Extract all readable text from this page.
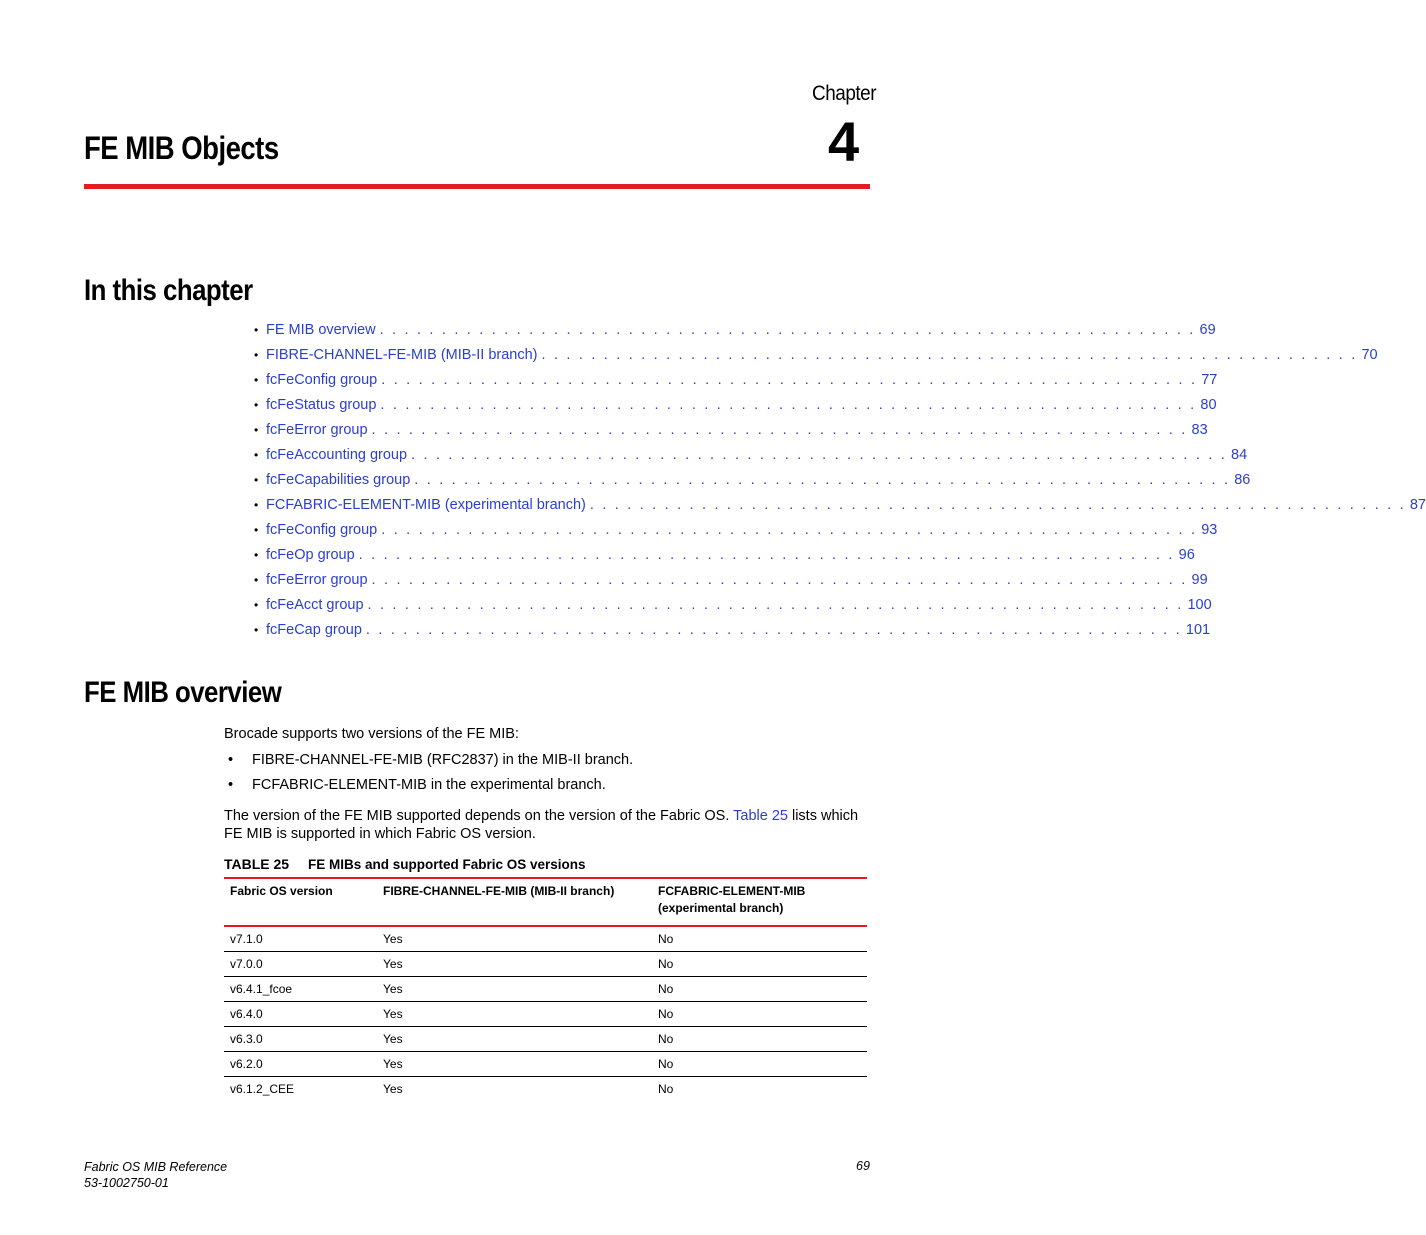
Chapter
4
FE MIB Objects
In this chapter
• FE MIB overview . . . . . . . . . . . . . . . . . . . . . . . . . . . . . . . . . . . . . . . . . . . . . . . . . . . . . . . . . . . . . . . . . . 69
• FIBRE-CHANNEL-FE-MIB (MIB-II branch) . . . . . . . . . . . . . . . . . . . . . . . . . . . . . . . . . . . . . . . . . . . . . . . . . . . . . . . . . . . . . . . . . . 70
• fcFeConfig group . . . . . . . . . . . . . . . . . . . . . . . . . . . . . . . . . . . . . . . . . . . . . . . . . . . . . . . . . . . . . . . . . . 77
• fcFeStatus group . . . . . . . . . . . . . . . . . . . . . . . . . . . . . . . . . . . . . . . . . . . . . . . . . . . . . . . . . . . . . . . . . . 80
• fcFeError group . . . . . . . . . . . . . . . . . . . . . . . . . . . . . . . . . . . . . . . . . . . . . . . . . . . . . . . . . . . . . . . . . . 83
• fcFeAccounting group . . . . . . . . . . . . . . . . . . . . . . . . . . . . . . . . . . . . . . . . . . . . . . . . . . . . . . . . . . . . . . . . . . 84
• fcFeCapabilities group . . . . . . . . . . . . . . . . . . . . . . . . . . . . . . . . . . . . . . . . . . . . . . . . . . . . . . . . . . . . . . . . . . 86
• FCFABRIC-ELEMENT-MIB (experimental branch) . . . . . . . . . . . . . . . . . . . . . . . . . . . . . . . . . . . . . . . . . . . . . . . . . . . . . . . . . . . . . . . . . . 87
• fcFeConfig group . . . . . . . . . . . . . . . . . . . . . . . . . . . . . . . . . . . . . . . . . . . . . . . . . . . . . . . . . . . . . . . . . . 93
• fcFeOp group . . . . . . . . . . . . . . . . . . . . . . . . . . . . . . . . . . . . . . . . . . . . . . . . . . . . . . . . . . . . . . . . . . 96
• fcFeError group . . . . . . . . . . . . . . . . . . . . . . . . . . . . . . . . . . . . . . . . . . . . . . . . . . . . . . . . . . . . . . . . . . 99
• fcFeAcct group . . . . . . . . . . . . . . . . . . . . . . . . . . . . . . . . . . . . . . . . . . . . . . . . . . . . . . . . . . . . . . . . . . 100
• fcFeCap group . . . . . . . . . . . . . . . . . . . . . . . . . . . . . . . . . . . . . . . . . . . . . . . . . . . . . . . . . . . . . . . . . . 101
FE MIB overview

Brocade supports two versions of the FE MIB:

•	FIBRE-CHANNEL-FE-MIB (RFC2837) in the MIB-II branch.
•	FCFABRIC-ELEMENT-MIB in the experimental branch.

The version of the FE MIB supported depends on the version of the Fabric OS. Table 25 lists which
FE MIB is supported in which Fabric OS version.

TABLE 25 FE MIBs and supported Fabric OS versions
Fabric OS version	FIBRE-CHANNEL-FE-MIB (MIB-II branch)	FCFABRIC-ELEMENT-MIB (experimental branch)
v7.1.0	Yes	No
v7.0.0	Yes	No
v6.4.1_fcoe	Yes	No
v6.4.0	Yes	No
v6.3.0	Yes	No
v6.2.0	Yes	No
v6.1.2_CEE	Yes	No
Fabric OS MIB Reference
53-1002750-01
69
